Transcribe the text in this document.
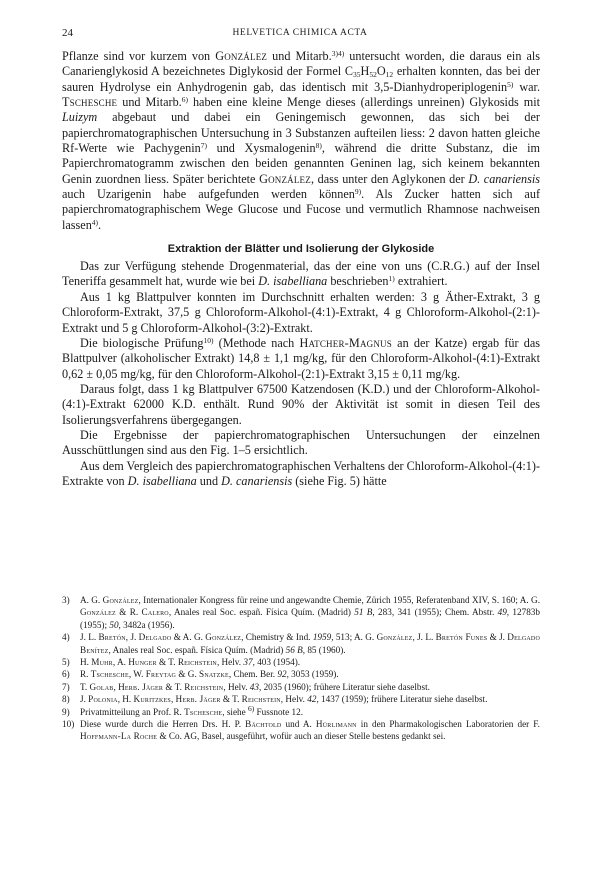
24	HELVETICA CHIMICA ACTA

Pflanze sind vor kurzem von González und Mitarb.$^{3)4)}$ untersucht worden, die daraus ein als Canarienglykosid A bezeichnetes Diglykosid der Formel $C_{35}H_{52}O_{12}$ erhalten konnten, das bei der sauren Hydrolyse ein Anhydrogenin gab, das identisch mit 3,5-Dianhydroperiplogenin$^{5)}$ war. Tschesche und Mitarb.$^{6)}$ haben eine kleine Menge dieses (allerdings unreinen) Glykosids mit Luizym abgebaut und dabei ein Geningemisch gewonnen, das sich bei der papierchromatographischen Untersuchung in 3 Substanzen aufteilen liess: 2 davon hatten gleiche Rf-Werte wie Pachygenin$^{7)}$ und Xysmalogenin$^{8)}$, während die dritte Substanz, die im Papierchromatogramm zwischen den beiden genannten Geninen lag, sich keinem bekannten Genin zuordnen liess. Später berichtete González, dass unter den Aglykonen der D. canariensis auch Uzarigenin habe aufgefunden werden können$^{9)}$. Als Zucker hatten sich auf papierchromatographischem Wege Glucose und Fucose und vermutlich Rhamnose nachweisen lassen$^{4)}$.

Extraktion der Blätter und Isolierung der Glykoside

Das zur Verfügung stehende Drogenmaterial, das der eine von uns (C.R.G.) auf der Insel Teneriffa gesammelt hat, wurde wie bei D. isabelliana beschrieben$^{1)}$ extrahiert.

Aus 1 kg Blattpulver konnten im Durchschnitt erhalten werden: 3 g Äther-Extrakt, 3 g Chloroform-Extrakt, 37,5 g Chloroform-Alkohol-(4:1)-Extrakt, 4 g Chloroform-Alkohol-(2:1)-Extrakt und 5 g Chloroform-Alkohol-(3:2)-Extrakt.

Die biologische Prüfung$^{10)}$ (Methode nach Hatcher-Magnus an der Katze) ergab für das Blattpulver (alkoholischer Extrakt) 14,8 ± 1,1 mg/kg, für den Chloroform-Alkohol-(4:1)-Extrakt 0,62 ± 0,05 mg/kg, für den Chloroform-Alkohol-(2:1)-Extrakt 3,15 ± 0,11 mg/kg.

Daraus folgt, dass 1 kg Blattpulver 67500 Katzendosen (K.D.) und der Chloroform-Alkohol-(4:1)-Extrakt 62000 K.D. enthält. Rund 90% der Aktivität ist somit in diesen Teil des Isolierungsverfahrens übergegangen.

Die Ergebnisse der papierchromatographischen Untersuchungen der einzelnen Ausschüttlungen sind aus den Fig. 1–5 ersichtlich.

Aus dem Vergleich des papierchromatographischen Verhaltens der Chloroform-Alkohol-(4:1)-Extrakte von D. isabelliana und D. canariensis (siehe Fig. 5) hätte

3) A. G. González, Internationaler Kongress für reine und angewandte Chemie, Zürich 1955, Referatenband XIV, S. 160; A. G. González & R. Calero, Anales real Soc. españ. Física Quím. (Madrid) 51 B, 283, 341 (1955); Chem. Abstr. 49, 12783b (1955); 50, 3482a (1956).

4) J. L. Bretón, J. Delgado & A. G. González, Chemistry & Ind. 1959, 513; A. G. González, J. L. Bretón Funes & J. Delgado Benítez, Anales real Soc. españ. Física Quím. (Madrid) 56 B, 85 (1960).

5) H. Muhr, A. Hunger & T. Reichstein, Helv. 37, 403 (1954).

6) R. Tschesche, W. Freytag & G. Snatzke, Chem. Ber. 92, 3053 (1959).

7) T. Golab, Herb. Jäger & T. Reichstein, Helv. 43, 2035 (1960); frühere Literatur siehe daselbst.

8) J. Polonia, H. Kuritzkes, Herb. Jäger & T. Reichstein, Helv. 42, 1437 (1959); frühere Literatur siehe daselbst.

9) Privatmitteilung an Prof. R. Tschesche, siehe $^{6)}$ Fussnote 12.

10) Diese wurde durch die Herren Drs. H. P. Bächtold und A. Hürlimann in den Pharmakologischen Laboratorien der F. Hoffmann-La Roche & Co. AG, Basel, ausgeführt, wofür auch an dieser Stelle bestens gedankt sei.
